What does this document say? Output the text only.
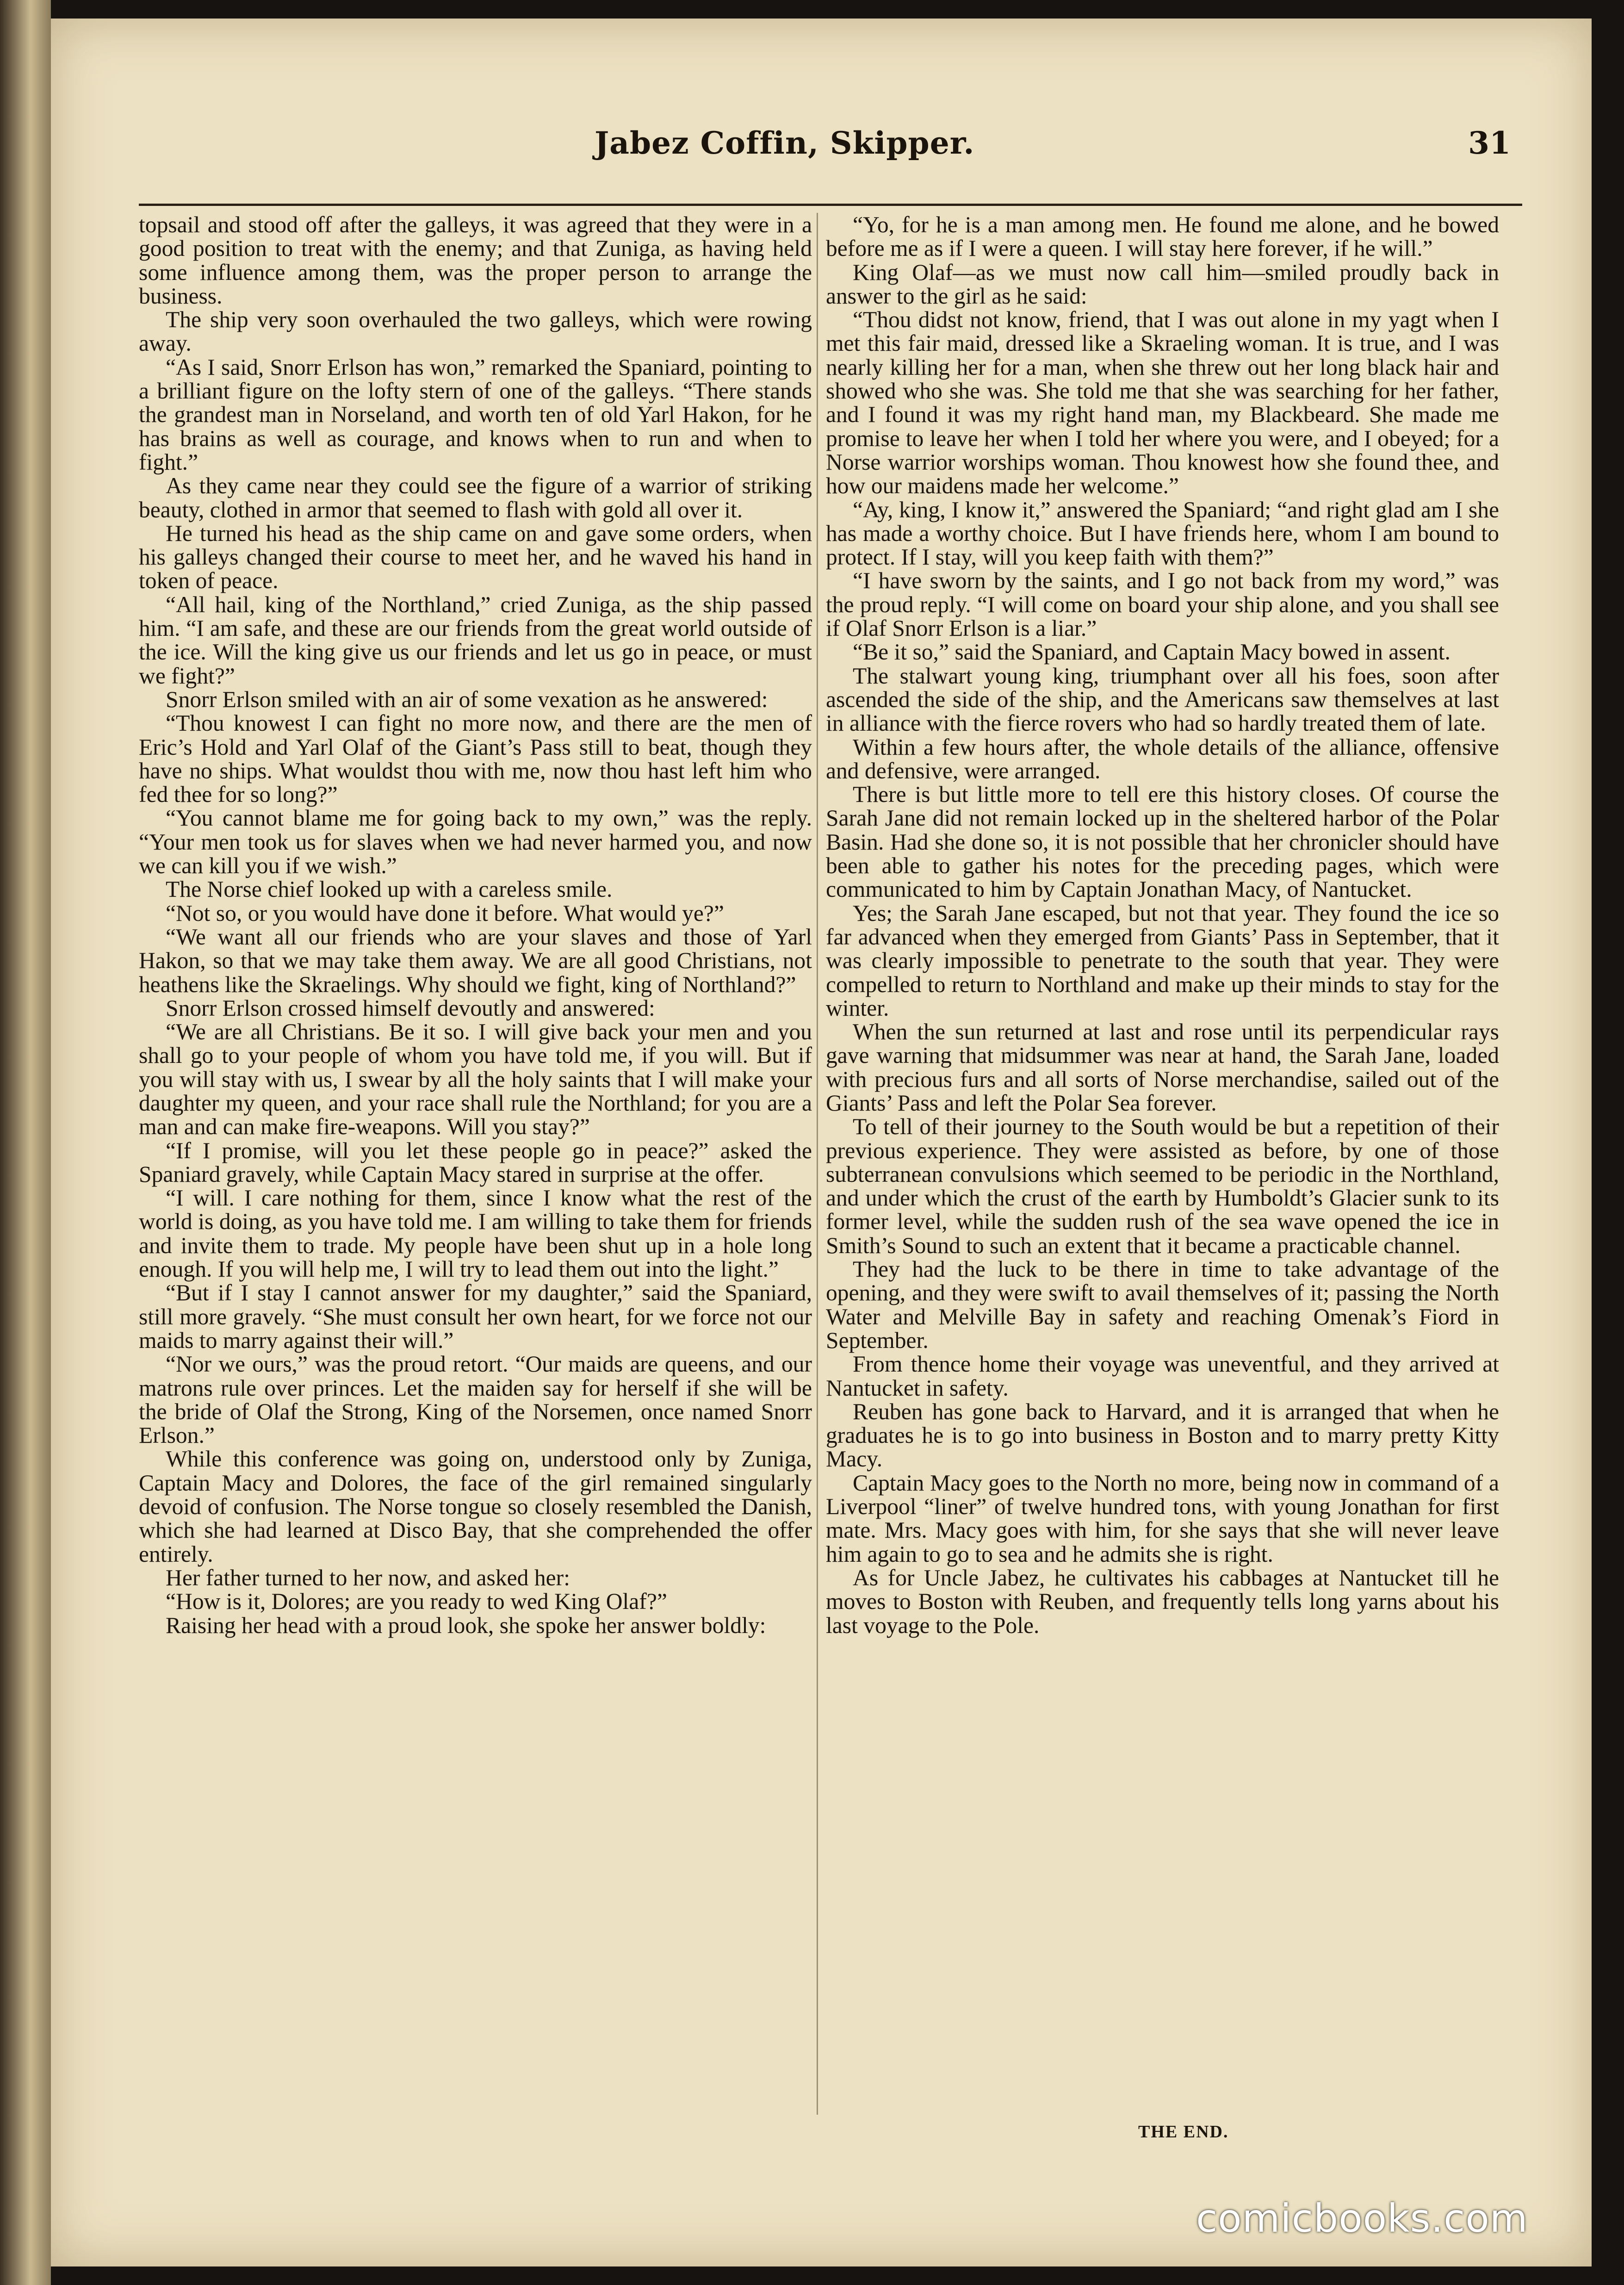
Jabez Coffin, Skipper.	31

topsail and stood off after the galleys, it was agreed that they were in a good position to treat with the enemy; and that Zuniga, as having held some influence among them, was the proper person to arrange the business.

The ship very soon overhauled the two galleys, which were rowing away.

“As I said, Snorr Erlson has won,” remarked the Spaniard, pointing to a brilliant figure on the lofty stern of one of the galleys. “There stands the grandest man in Norseland, and worth ten of old Yarl Hakon, for he has brains as well as courage, and knows when to run and when to fight.”

As they came near they could see the figure of a warrior of striking beauty, clothed in armor that seemed to flash with gold all over it.

He turned his head as the ship came on and gave some orders, when his galleys changed their course to meet her, and he waved his hand in token of peace.

“All hail, king of the Northland,” cried Zuniga, as the ship passed him. “I am safe, and these are our friends from the great world outside of the ice. Will the king give us our friends and let us go in peace, or must we fight?”

Snorr Erlson smiled with an air of some vexation as he answered:

“Thou knowest I can fight no more now, and there are the men of Eric’s Hold and Yarl Olaf of the Giant’s Pass still to beat, though they have no ships. What wouldst thou with me, now thou hast left him who fed thee for so long?”

“You cannot blame me for going back to my own,” was the reply. “Your men took us for slaves when we had never harmed you, and now we can kill you if we wish.”

The Norse chief looked up with a careless smile.

“Not so, or you would have done it before. What would ye?”

“We want all our friends who are your slaves and those of Yarl Hakon, so that we may take them away. We are all good Christians, not heathens like the Skraelings. Why should we fight, king of Northland?”

Snorr Erlson crossed himself devoutly and answered:

“We are all Christians. Be it so. I will give back your men and you shall go to your people of whom you have told me, if you will. But if you will stay with us, I swear by all the holy saints that I will make your daughter my queen, and your race shall rule the Northland; for you are a man and can make fire-weapons. Will you stay?”

“If I promise, will you let these people go in peace?” asked the Spaniard gravely, while Captain Macy stared in surprise at the offer.

“I will. I care nothing for them, since I know what the rest of the world is doing, as you have told me. I am willing to take them for friends and invite them to trade. My people have been shut up in a hole long enough. If you will help me, I will try to lead them out into the light.”

“But if I stay I cannot answer for my daughter,” said the Spaniard, still more gravely. “She must consult her own heart, for we force not our maids to marry against their will.”

“Nor we ours,” was the proud retort. “Our maids are queens, and our matrons rule over princes. Let the maiden say for herself if she will be the bride of Olaf the Strong, King of the Norsemen, once named Snorr Erlson.”

While this conference was going on, understood only by Zuniga, Captain Macy and Dolores, the face of the girl remained singularly devoid of confusion. The Norse tongue so closely resembled the Danish, which she had learned at Disco Bay, that she comprehended the offer entirely.

Her father turned to her now, and asked her:

“How is it, Dolores; are you ready to wed King Olaf?”

Raising her head with a proud look, she spoke her answer boldly:

“Yo, for he is a man among men. He found me alone, and he bowed before me as if I were a queen. I will stay here forever, if he will.”

King Olaf—as we must now call him—smiled proudly back in answer to the girl as he said:

“Thou didst not know, friend, that I was out alone in my yagt when I met this fair maid, dressed like a Skraeling woman. It is true, and I was nearly killing her for a man, when she threw out her long black hair and showed who she was. She told me that she was searching for her father, and I found it was my right hand man, my Blackbeard. She made me promise to leave her when I told her where you were, and I obeyed; for a Norse warrior worships woman. Thou knowest how she found thee, and how our maidens made her welcome.”

“Ay, king, I know it,” answered the Spaniard; “and right glad am I she has made a worthy choice. But I have friends here, whom I am bound to protect. If I stay, will you keep faith with them?”

“I have sworn by the saints, and I go not back from my word,” was the proud reply. “I will come on board your ship alone, and you shall see if Olaf Snorr Erlson is a liar.”

“Be it so,” said the Spaniard, and Captain Macy bowed in assent.

The stalwart young king, triumphant over all his foes, soon after ascended the side of the ship, and the Americans saw themselves at last in alliance with the fierce rovers who had so hardly treated them of late.

Within a few hours after, the whole details of the alliance, offensive and defensive, were arranged.

There is but little more to tell ere this history closes. Of course the Sarah Jane did not remain locked up in the sheltered harbor of the Polar Basin. Had she done so, it is not possible that her chronicler should have been able to gather his notes for the preceding pages, which were communicated to him by Captain Jonathan Macy, of Nantucket.

Yes; the Sarah Jane escaped, but not that year. They found the ice so far advanced when they emerged from Giants’ Pass in September, that it was clearly impossible to penetrate to the south that year. They were compelled to return to Northland and make up their minds to stay for the winter.

When the sun returned at last and rose until its perpendicular rays gave warning that midsummer was near at hand, the Sarah Jane, loaded with precious furs and all sorts of Norse merchandise, sailed out of the Giants’ Pass and left the Polar Sea forever.

To tell of their journey to the South would be but a repetition of their previous experience. They were assisted as before, by one of those subterranean convulsions which seemed to be periodic in the Northland, and under which the crust of the earth by Humboldt’s Glacier sunk to its former level, while the sudden rush of the sea wave opened the ice in Smith’s Sound to such an extent that it became a practicable channel.

They had the luck to be there in time to take advantage of the opening, and they were swift to avail themselves of it; passing the North Water and Melville Bay in safety and reaching Omenak’s Fiord in September.

From thence home their voyage was uneventful, and they arrived at Nantucket in safety.

Reuben has gone back to Harvard, and it is arranged that when he graduates he is to go into business in Boston and to marry pretty Kitty Macy.

Captain Macy goes to the North no more, being now in command of a Liverpool “liner” of twelve hundred tons, with young Jonathan for first mate. Mrs. Macy goes with him, for she says that she will never leave him again to go to sea and he admits she is right.

As for Uncle Jabez, he cultivates his cabbages at Nantucket till he moves to Boston with Reuben, and frequently tells long yarns about his last voyage to the Pole.

THE END.
comicbooks.com
